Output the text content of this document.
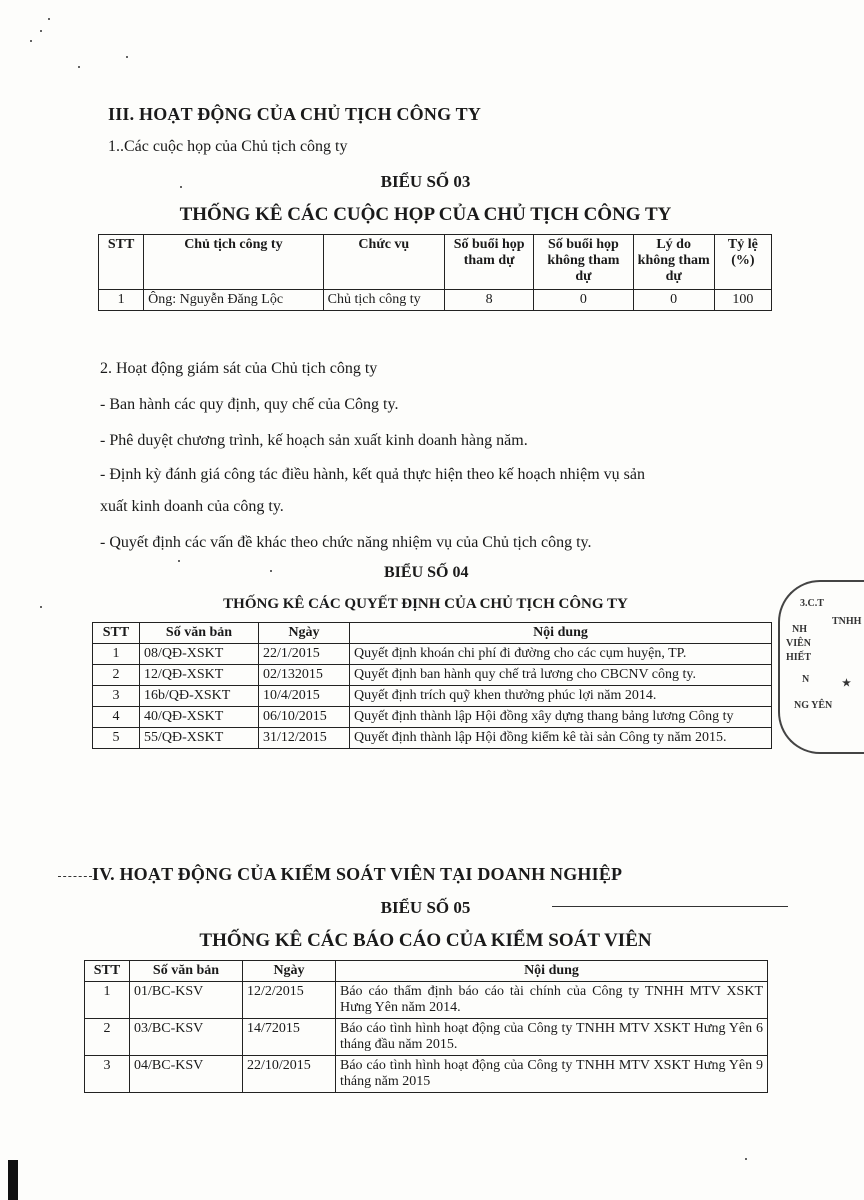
III. HOẠT ĐỘNG CỦA CHỦ TỊCH CÔNG TY
1..Các cuộc họp của Chủ tịch công ty
BIỂU SỐ 03
THỐNG KÊ CÁC CUỘC HỌP CỦA CHỦ TỊCH CÔNG TY
STT	Chủ tịch công ty	Chức vụ	Số buổi họp tham dự	Số buổi họp không tham dự	Lý do không tham dự	Tỷ lệ (%)
1	Ông: Nguyễn Đăng Lộc	Chủ tịch công ty	8	0	0	100
2. Hoạt động giám sát của Chủ tịch công ty
- Ban hành các quy định, quy chế của Công ty.
- Phê duyệt chương trình, kế hoạch sản xuất kinh doanh hàng năm.
- Định kỳ đánh giá công tác điều hành, kết quả thực hiện theo kế hoạch nhiệm vụ sản
xuất kinh doanh của công ty.
- Quyết định các vấn đề khác theo chức năng nhiệm vụ của Chủ tịch công ty.
BIỂU SỐ 04
THỐNG KÊ CÁC QUYẾT ĐỊNH CỦA CHỦ TỊCH CÔNG TY
STT	Số văn bản	Ngày	Nội dung
1	08/QĐ-XSKT	22/1/2015	Quyết định khoán chi phí đi đường cho các cụm huyện, TP.
2	12/QĐ-XSKT	02/132015	Quyết định ban hành quy chế trả lương cho CBCNV công ty.
3	16b/QĐ-XSKT	10/4/2015	Quyết định trích quỹ khen thưởng phúc lợi năm 2014.
4	40/QĐ-XSKT	06/10/2015	Quyết định thành lập Hội đồng xây dựng thang bảng lương Công ty
5	55/QĐ-XSKT	31/12/2015	Quyết định thành lập Hội đồng kiểm kê tài sản Công ty năm 2015.
3.C.T
NH
VIÊN
HIẾT
N
NG YÊN
TNHH
★
IV. HOẠT ĐỘNG CỦA KIỂM SOÁT VIÊN TẠI DOANH NGHIỆP
BIỂU SỐ 05
THỐNG KÊ CÁC BÁO CÁO CỦA KIỂM SOÁT VIÊN
STT	Số văn bản	Ngày	Nội dung
1	01/BC-KSV	12/2/2015	Báo cáo thẩm định báo cáo tài chính của Công ty TNHH MTV XSKT Hưng Yên năm 2014.
2	03/BC-KSV	14/72015	Báo cáo tình hình hoạt động của Công ty TNHH MTV XSKT Hưng Yên 6 tháng đầu năm 2015.
3	04/BC-KSV	22/10/2015	Báo cáo tình hình hoạt động của Công ty TNHH MTV XSKT Hưng Yên 9 tháng năm 2015
